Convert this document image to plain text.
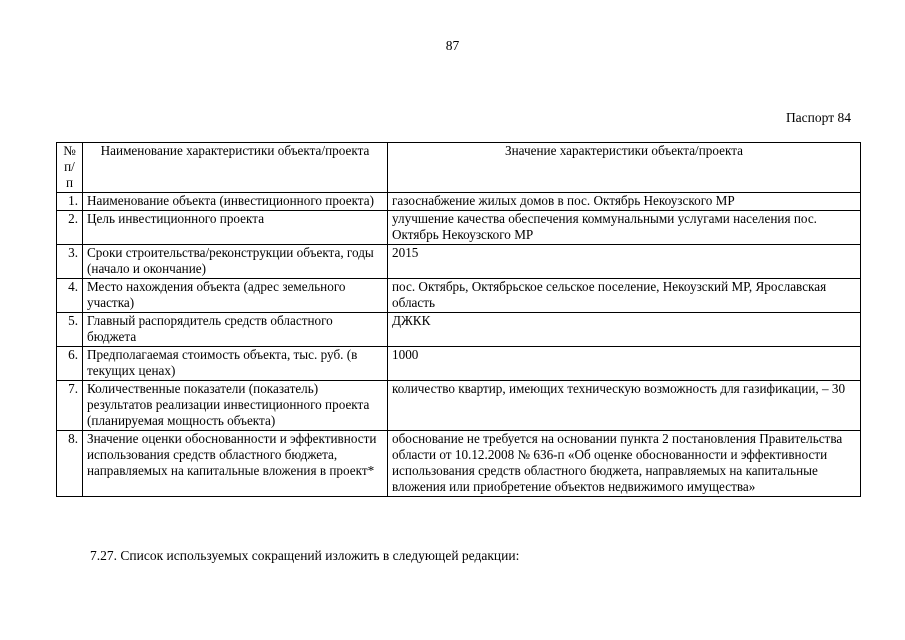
87
Паспорт 84
№ п/п	Наименование характеристики объекта/проекта	Значение характеристики объекта/проекта
1.	Наименование объекта (инвестиционного проекта)	газоснабжение жилых домов в пос. Октябрь Некоузского МР
2.	Цель инвестиционного проекта	улучшение качества обеспечения коммунальными услугами населения пос. Октябрь Некоузского МР
3.	Сроки строительства/реконструкции объекта, годы (начало и окончание)	2015
4.	Место нахождения объекта (адрес земельного участка)	пос. Октябрь, Октябрьское сельское поселение, Некоузский МР, Ярославская область
5.	Главный распорядитель средств областного бюджета	ДЖКК
6.	Предполагаемая стоимость объекта, тыс. руб. (в текущих ценах)	1000
7.	Количественные показатели (показатель) результатов реализации инвестиционного проекта (планируемая мощность объекта)	количество квартир, имеющих техническую возможность для газификации, – 30
8.	Значение оценки обоснованности и эффективности использования средств областного бюджета, направляемых на капитальные вложения в проект*	обоснование не требуется на основании пункта 2 постановления Правительства области от 10.12.2008 № 636-п «Об оценке обоснованности и эффективности использования средств областного бюджета, направляемых на капитальные вложения или приобретение объектов недвижимого имущества»
7.27. Список используемых сокращений изложить в следующей редакции:
